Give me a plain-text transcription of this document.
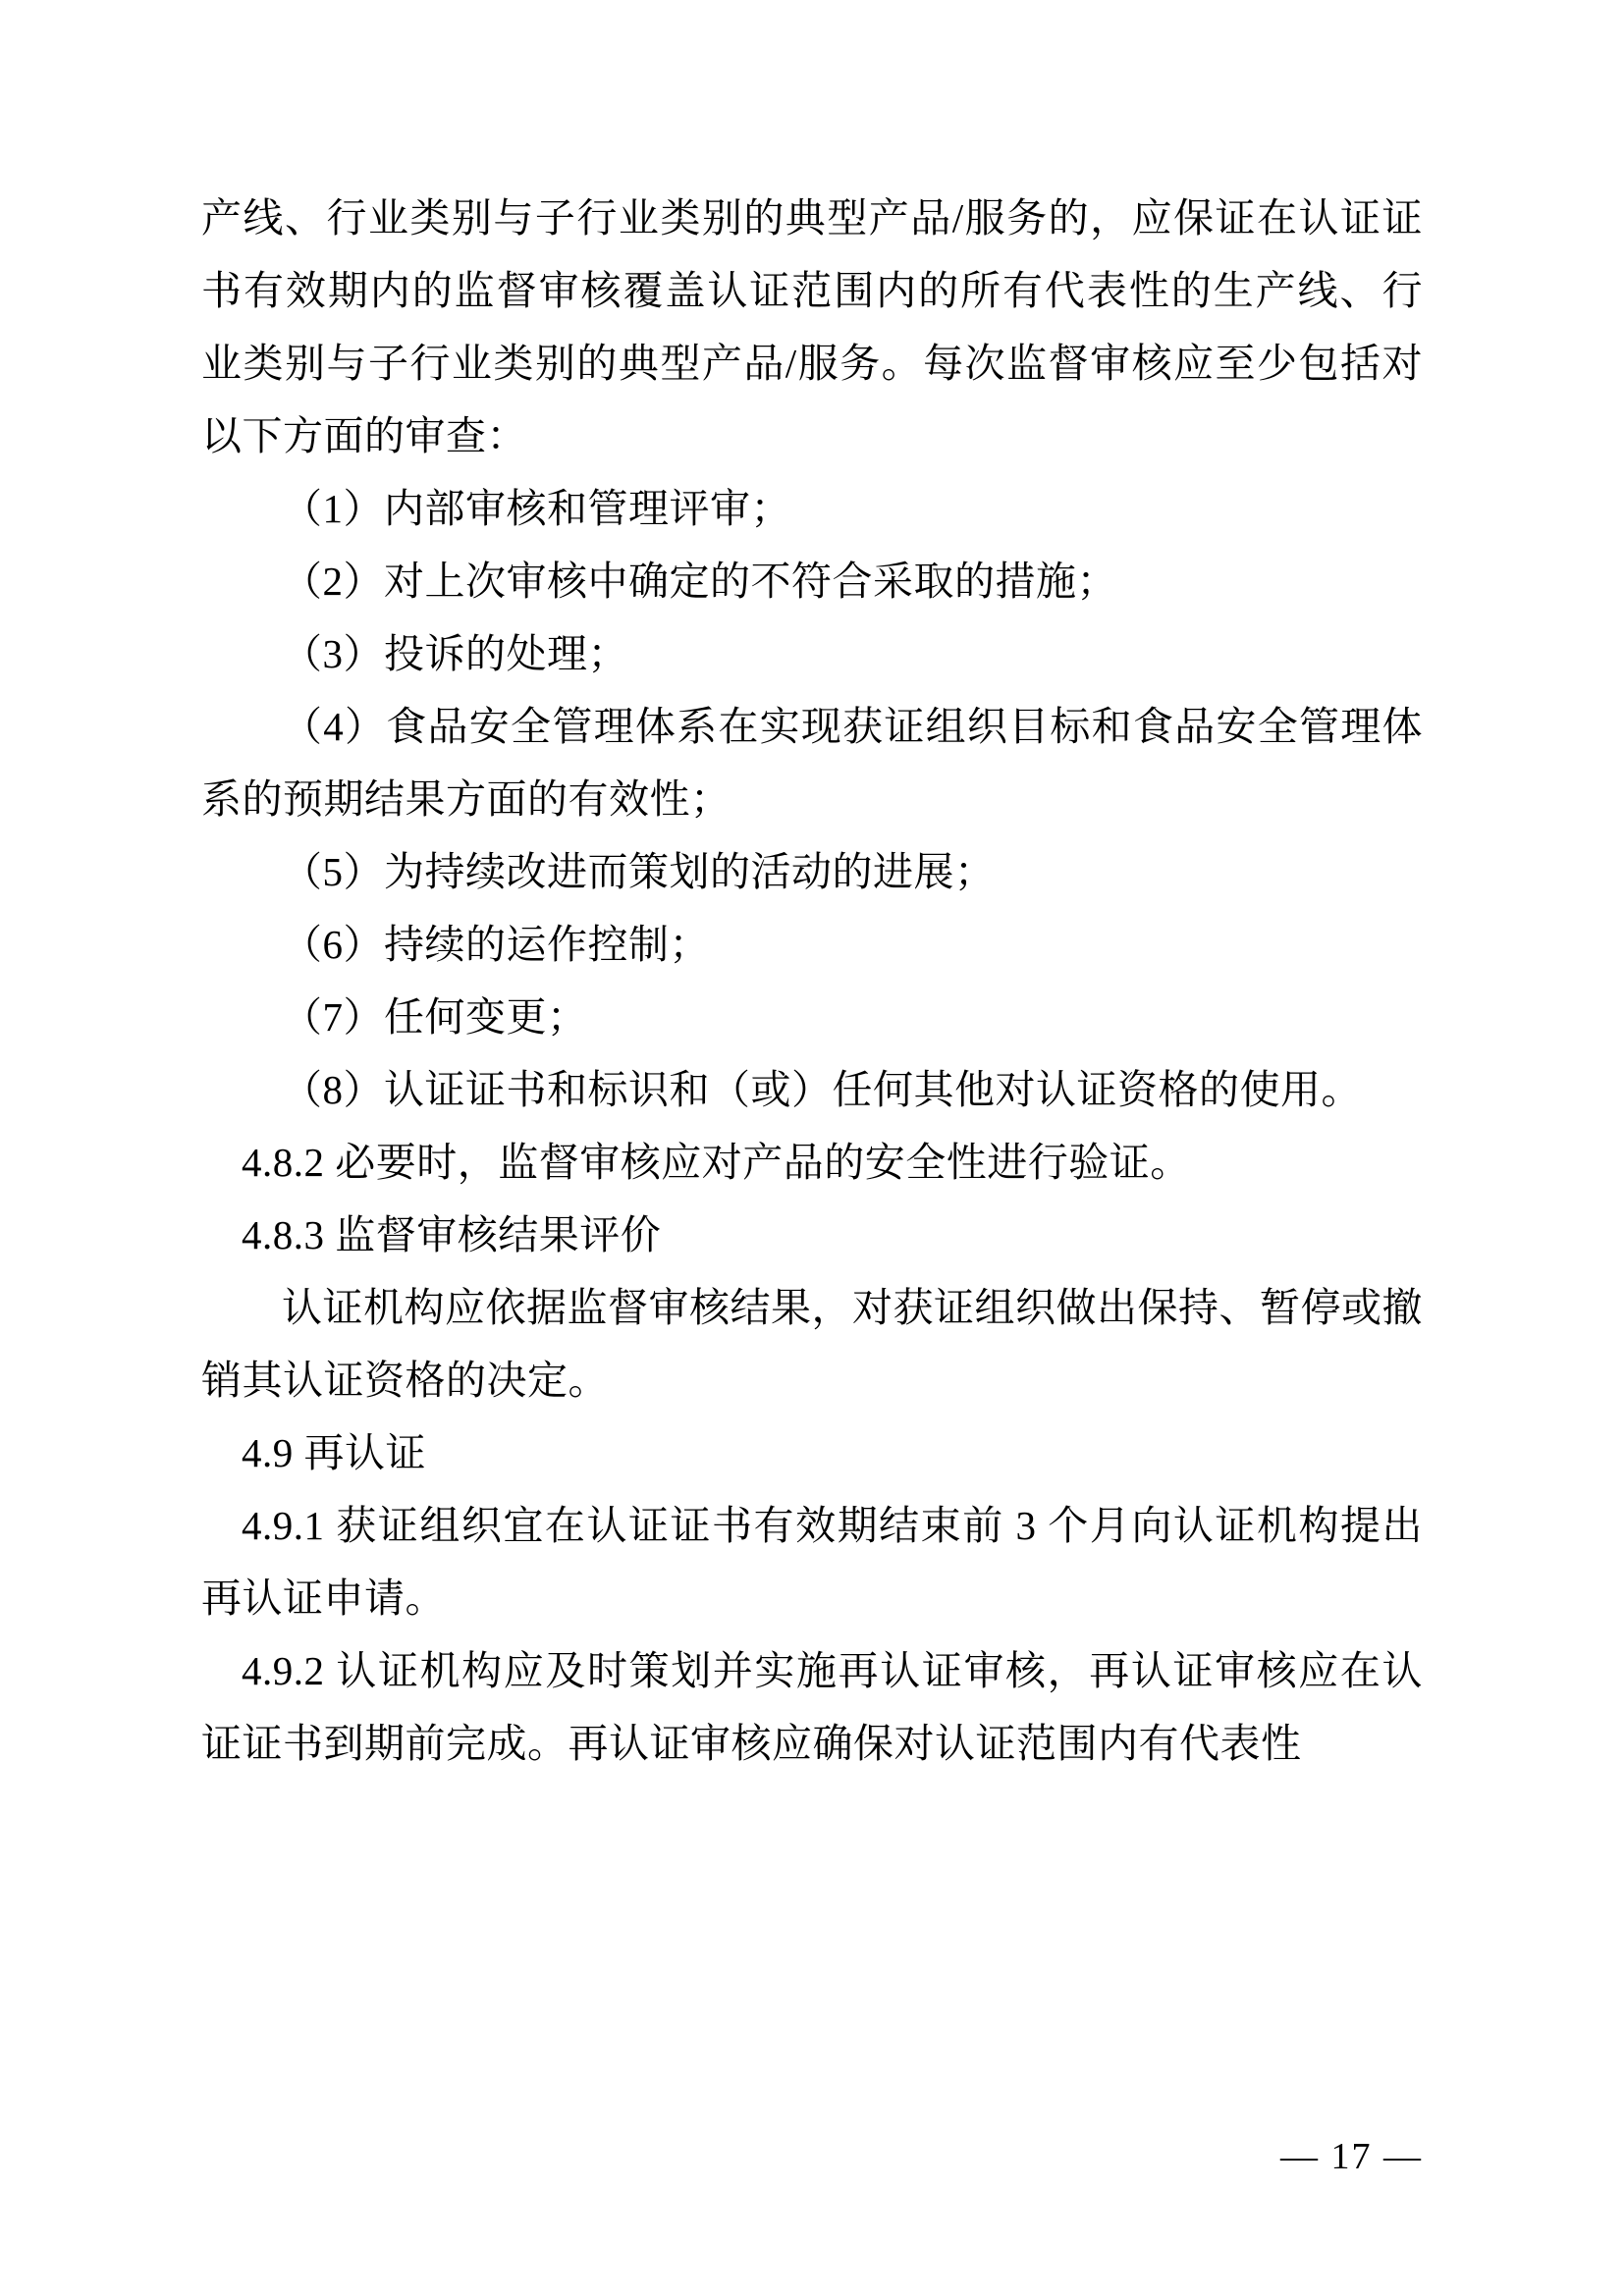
产线、行业类别与子行业类别的典型产品/服务的，应保证在认证证书有效期内的监督审核覆盖认证范围内的所有代表性的生产线、行业类别与子行业类别的典型产品/服务。每次监督审核应至少包括对以下方面的审查：

（1）内部审核和管理评审；

（2）对上次审核中确定的不符合采取的措施；

（3）投诉的处理；

（4）食品安全管理体系在实现获证组织目标和食品安全管理体系的预期结果方面的有效性；

（5）为持续改进而策划的活动的进展；

（6）持续的运作控制；

（7）任何变更；

（8）认证证书和标识和（或）任何其他对认证资格的使用。

4.8.2 必要时，监督审核应对产品的安全性进行验证。

4.8.3 监督审核结果评价

认证机构应依据监督审核结果，对获证组织做出保持、暂停或撤销其认证资格的决定。

4.9 再认证

4.9.1 获证组织宜在认证证书有效期结束前 3 个月向认证机构提出再认证申请。

4.9.2 认证机构应及时策划并实施再认证审核，再认证审核应在认证证书到期前完成。再认证审核应确保对认证范围内有代表性

— 17 —
